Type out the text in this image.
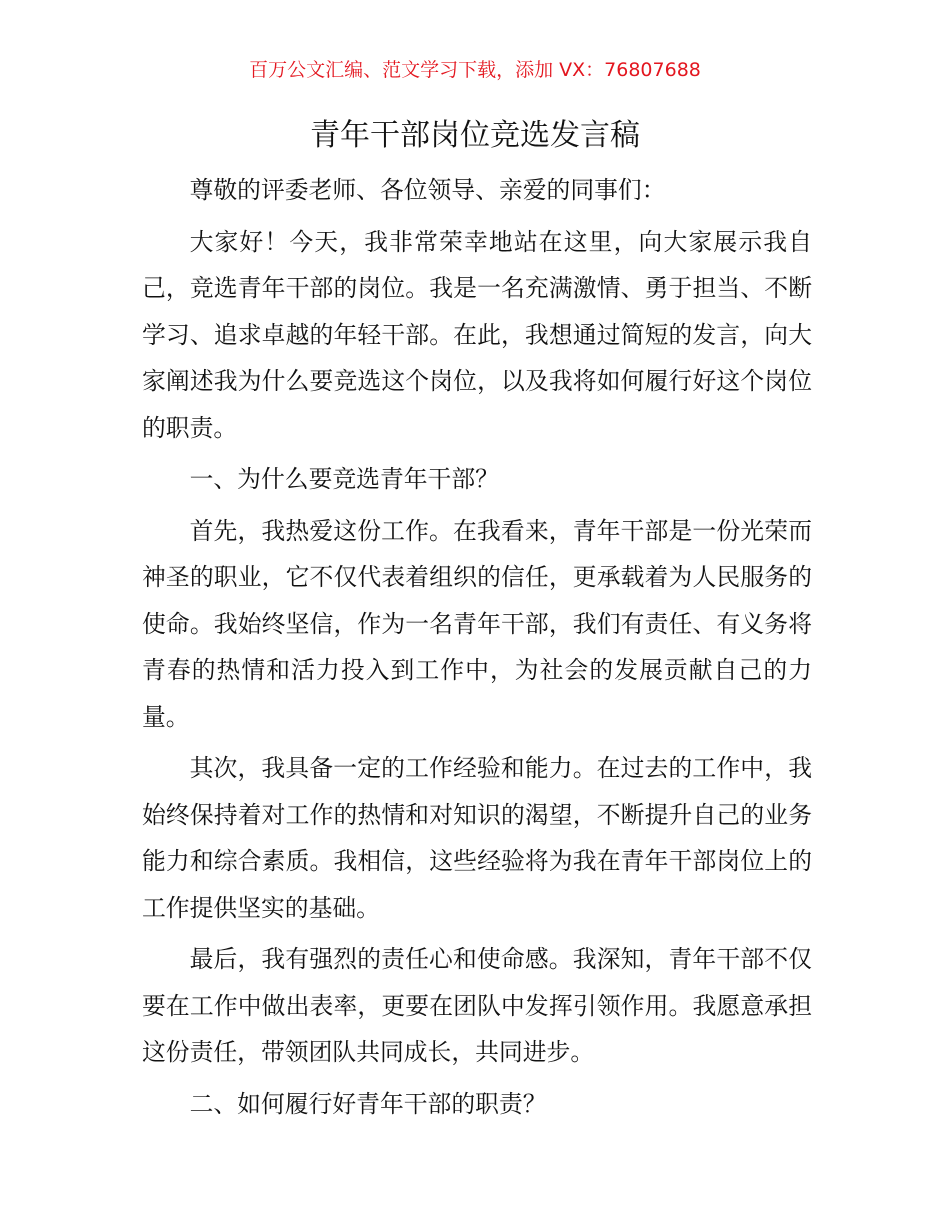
百万公文汇编、范文学习下载，添加 VX：76807688
青年干部岗位竞选发言稿

尊敬的评委老师、各位领导、亲爱的同事们：

大家好！今天，我非常荣幸地站在这里，向大家展示我自己，竞选青年干部的岗位。我是一名充满激情、勇于担当、不断学习、追求卓越的年轻干部。在此，我想通过简短的发言，向大家阐述我为什么要竞选这个岗位，以及我将如何履行好这个岗位的职责。

一、为什么要竞选青年干部？

首先，我热爱这份工作。在我看来，青年干部是一份光荣而神圣的职业，它不仅代表着组织的信任，更承载着为人民服务的使命。我始终坚信，作为一名青年干部，我们有责任、有义务将青春的热情和活力投入到工作中，为社会的发展贡献自己的力量。

其次，我具备一定的工作经验和能力。在过去的工作中，我始终保持着对工作的热情和对知识的渴望，不断提升自己的业务能力和综合素质。我相信，这些经验将为我在青年干部岗位上的工作提供坚实的基础。

最后，我有强烈的责任心和使命感。我深知，青年干部不仅要在工作中做出表率，更要在团队中发挥引领作用。我愿意承担这份责任，带领团队共同成长，共同进步。

二、如何履行好青年干部的职责？
